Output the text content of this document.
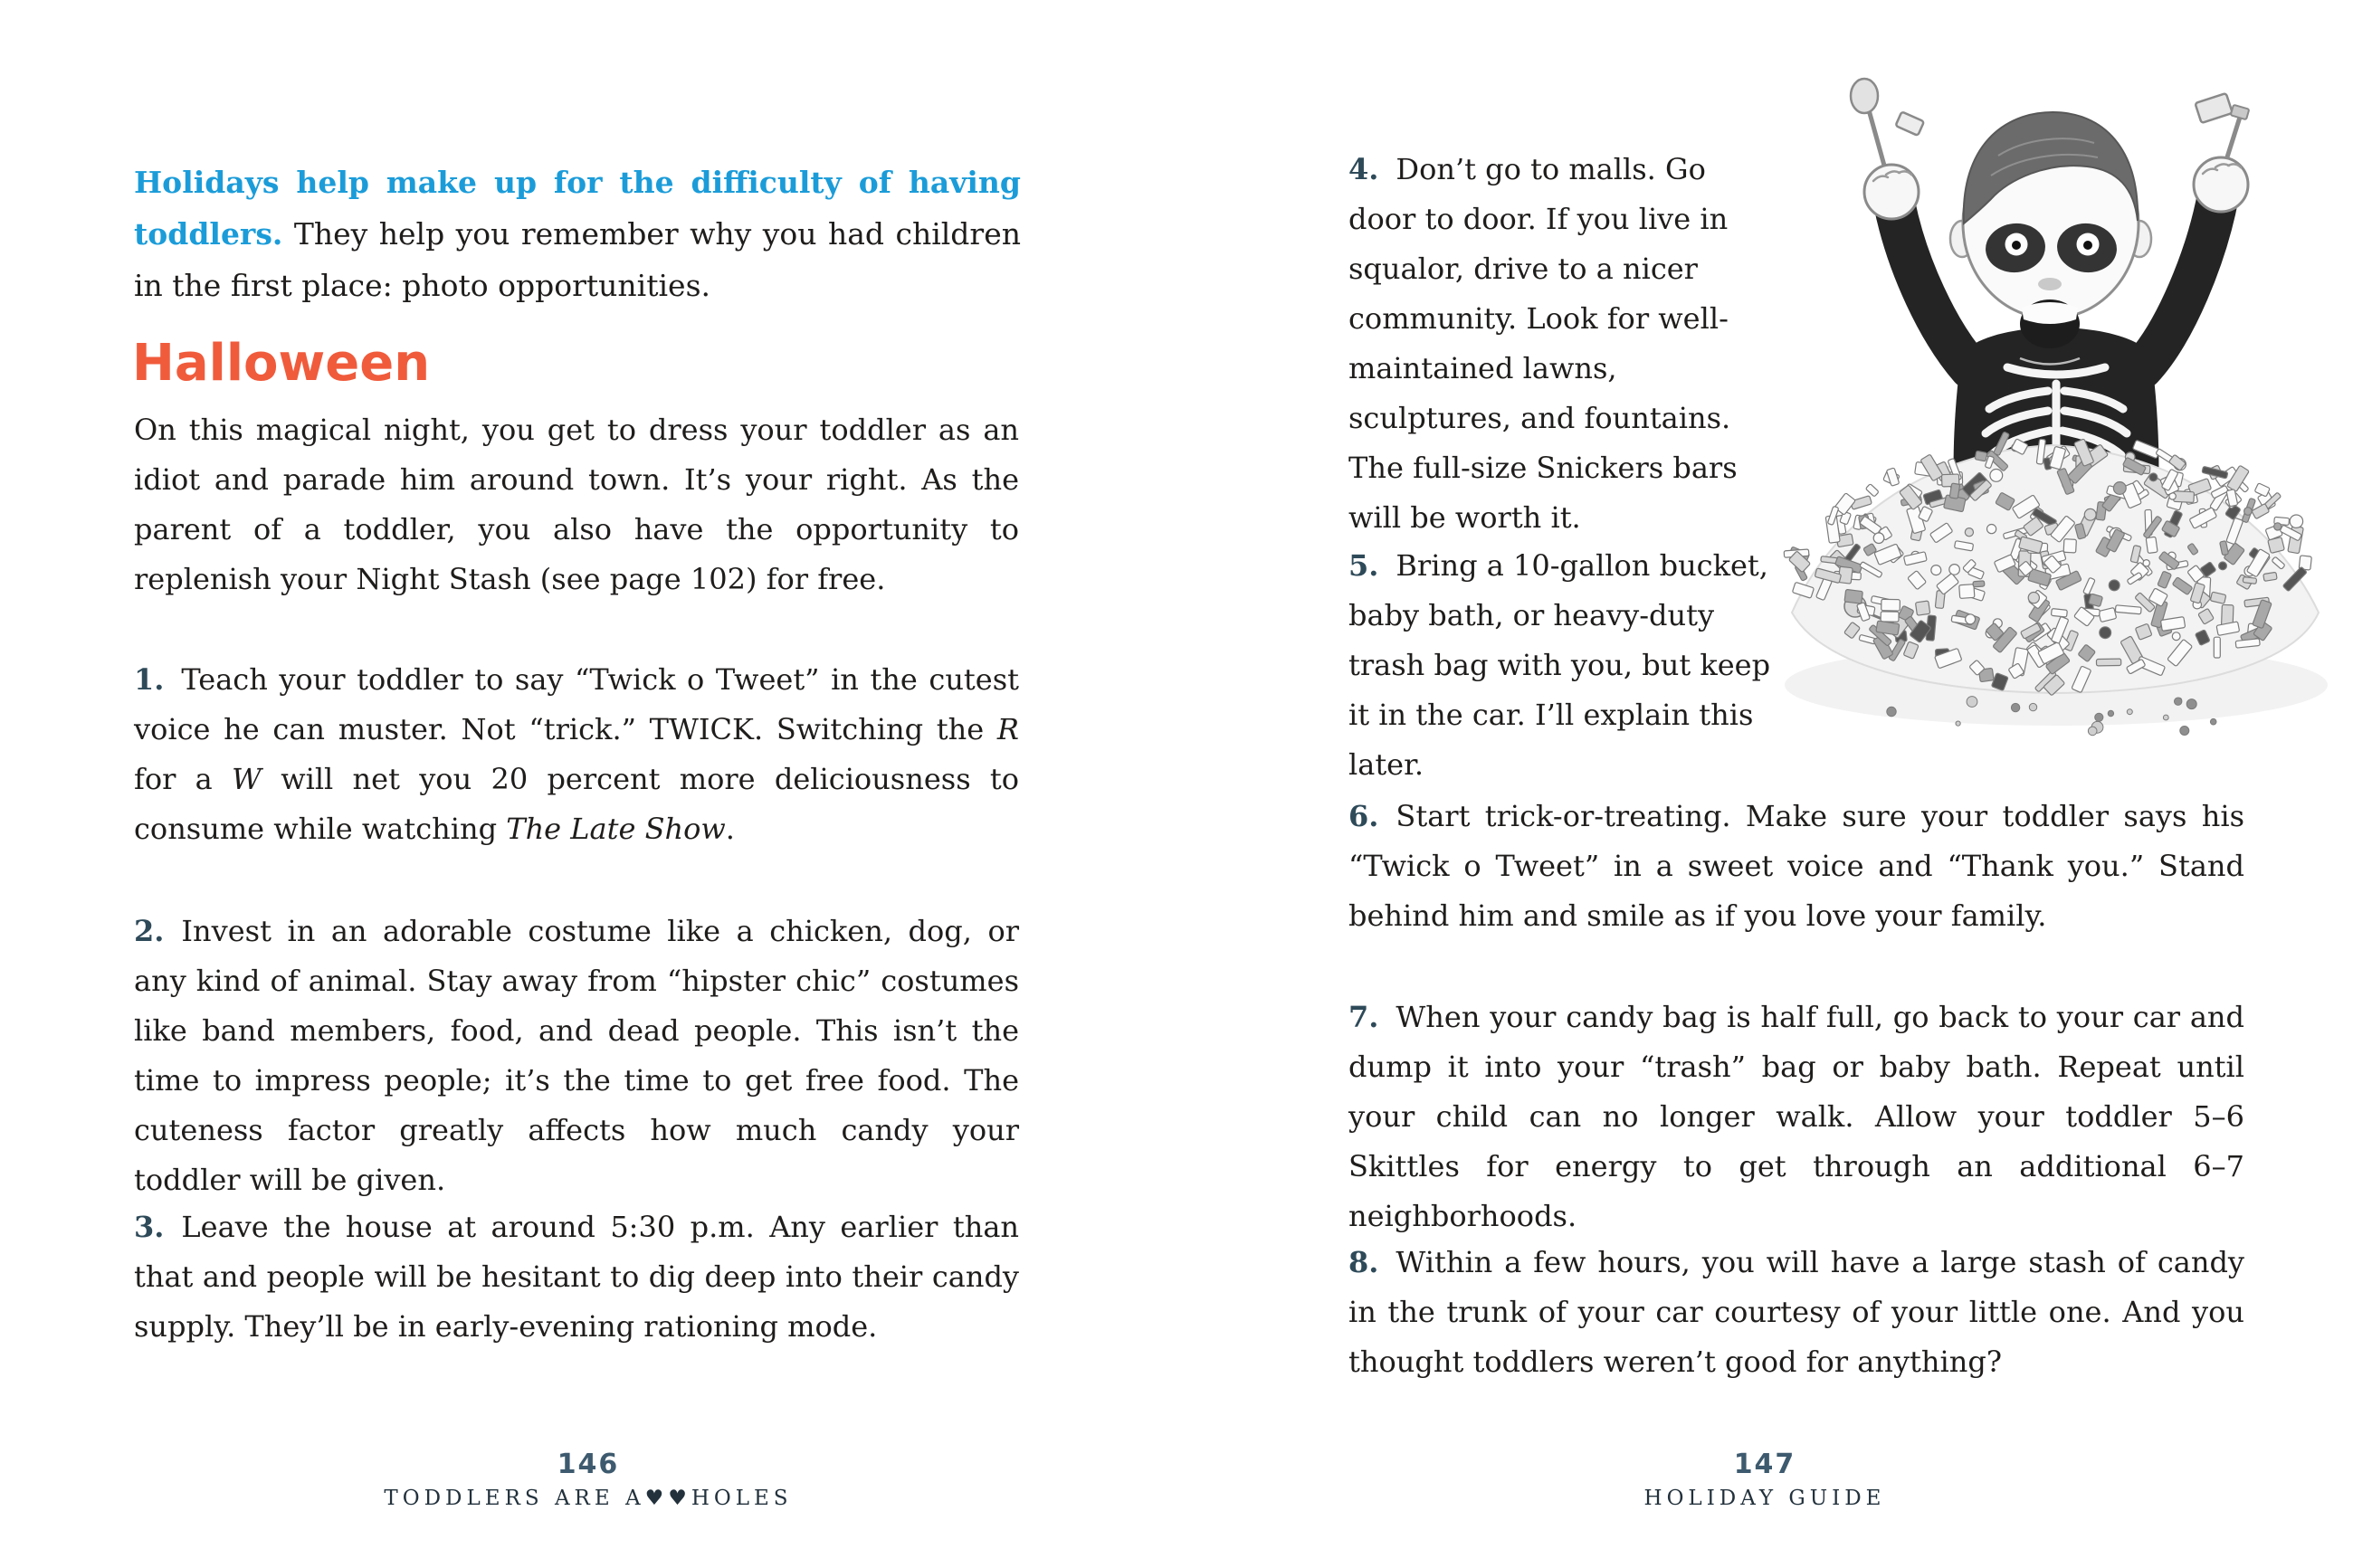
Holidays help make up for the difficulty of having toddlers. They help you remember why you had children in the first place: photo opportunities.

Halloween

On this magical night, you get to dress your toddler as an idiot and parade him around town. It’s your right. As the parent of a toddler, you also have the opportunity to replenish your Night Stash (see page 102) for free.

1. Teach your toddler to say “Twick o Tweet” in the cutest voice he can muster. Not “trick.” TWICK. Switching the R for a W will net you 20 percent more deliciousness to consume while watching The Late Show.
2. Invest in an adorable costume like a chicken, dog, or any kind of animal. Stay away from “hipster chic” costumes like band members, food, and dead people. This isn’t the time to impress people; it’s the time to get free food. The cuteness factor greatly affects how much candy your toddler will be given.
3. Leave the house at around 5:30 p.m. Any earlier than that and people will be hesitant to dig deep into their candy supply. They’ll be in early-evening rationing mode.
146
TODDLERS ARE A♥♥HOLES
4. Don’t go to malls. Go door to door. If you live in squalor, drive to a nicer community. Look for well-maintained lawns, sculptures, and fountains. The full-size Snickers bars will be worth it.
5. Bring a 10-gallon bucket, baby bath, or heavy-duty trash bag with you, but keep it in the car. I’ll explain this later.
6. Start trick-or-treating. Make sure your toddler says his “Twick o Tweet” in a sweet voice and “Thank you.” Stand behind him and smile as if you love your family.
7. When your candy bag is half full, go back to your car and dump it into your “trash” bag or baby bath. Repeat until your child can no longer walk. Allow your toddler 5–6 Skittles for energy to get through an additional 6–7 neighborhoods.
8. Within a few hours, you will have a large stash of candy in the trunk of your car courtesy of your little one. And you thought toddlers weren’t good for anything?
147
HOLIDAY GUIDE
